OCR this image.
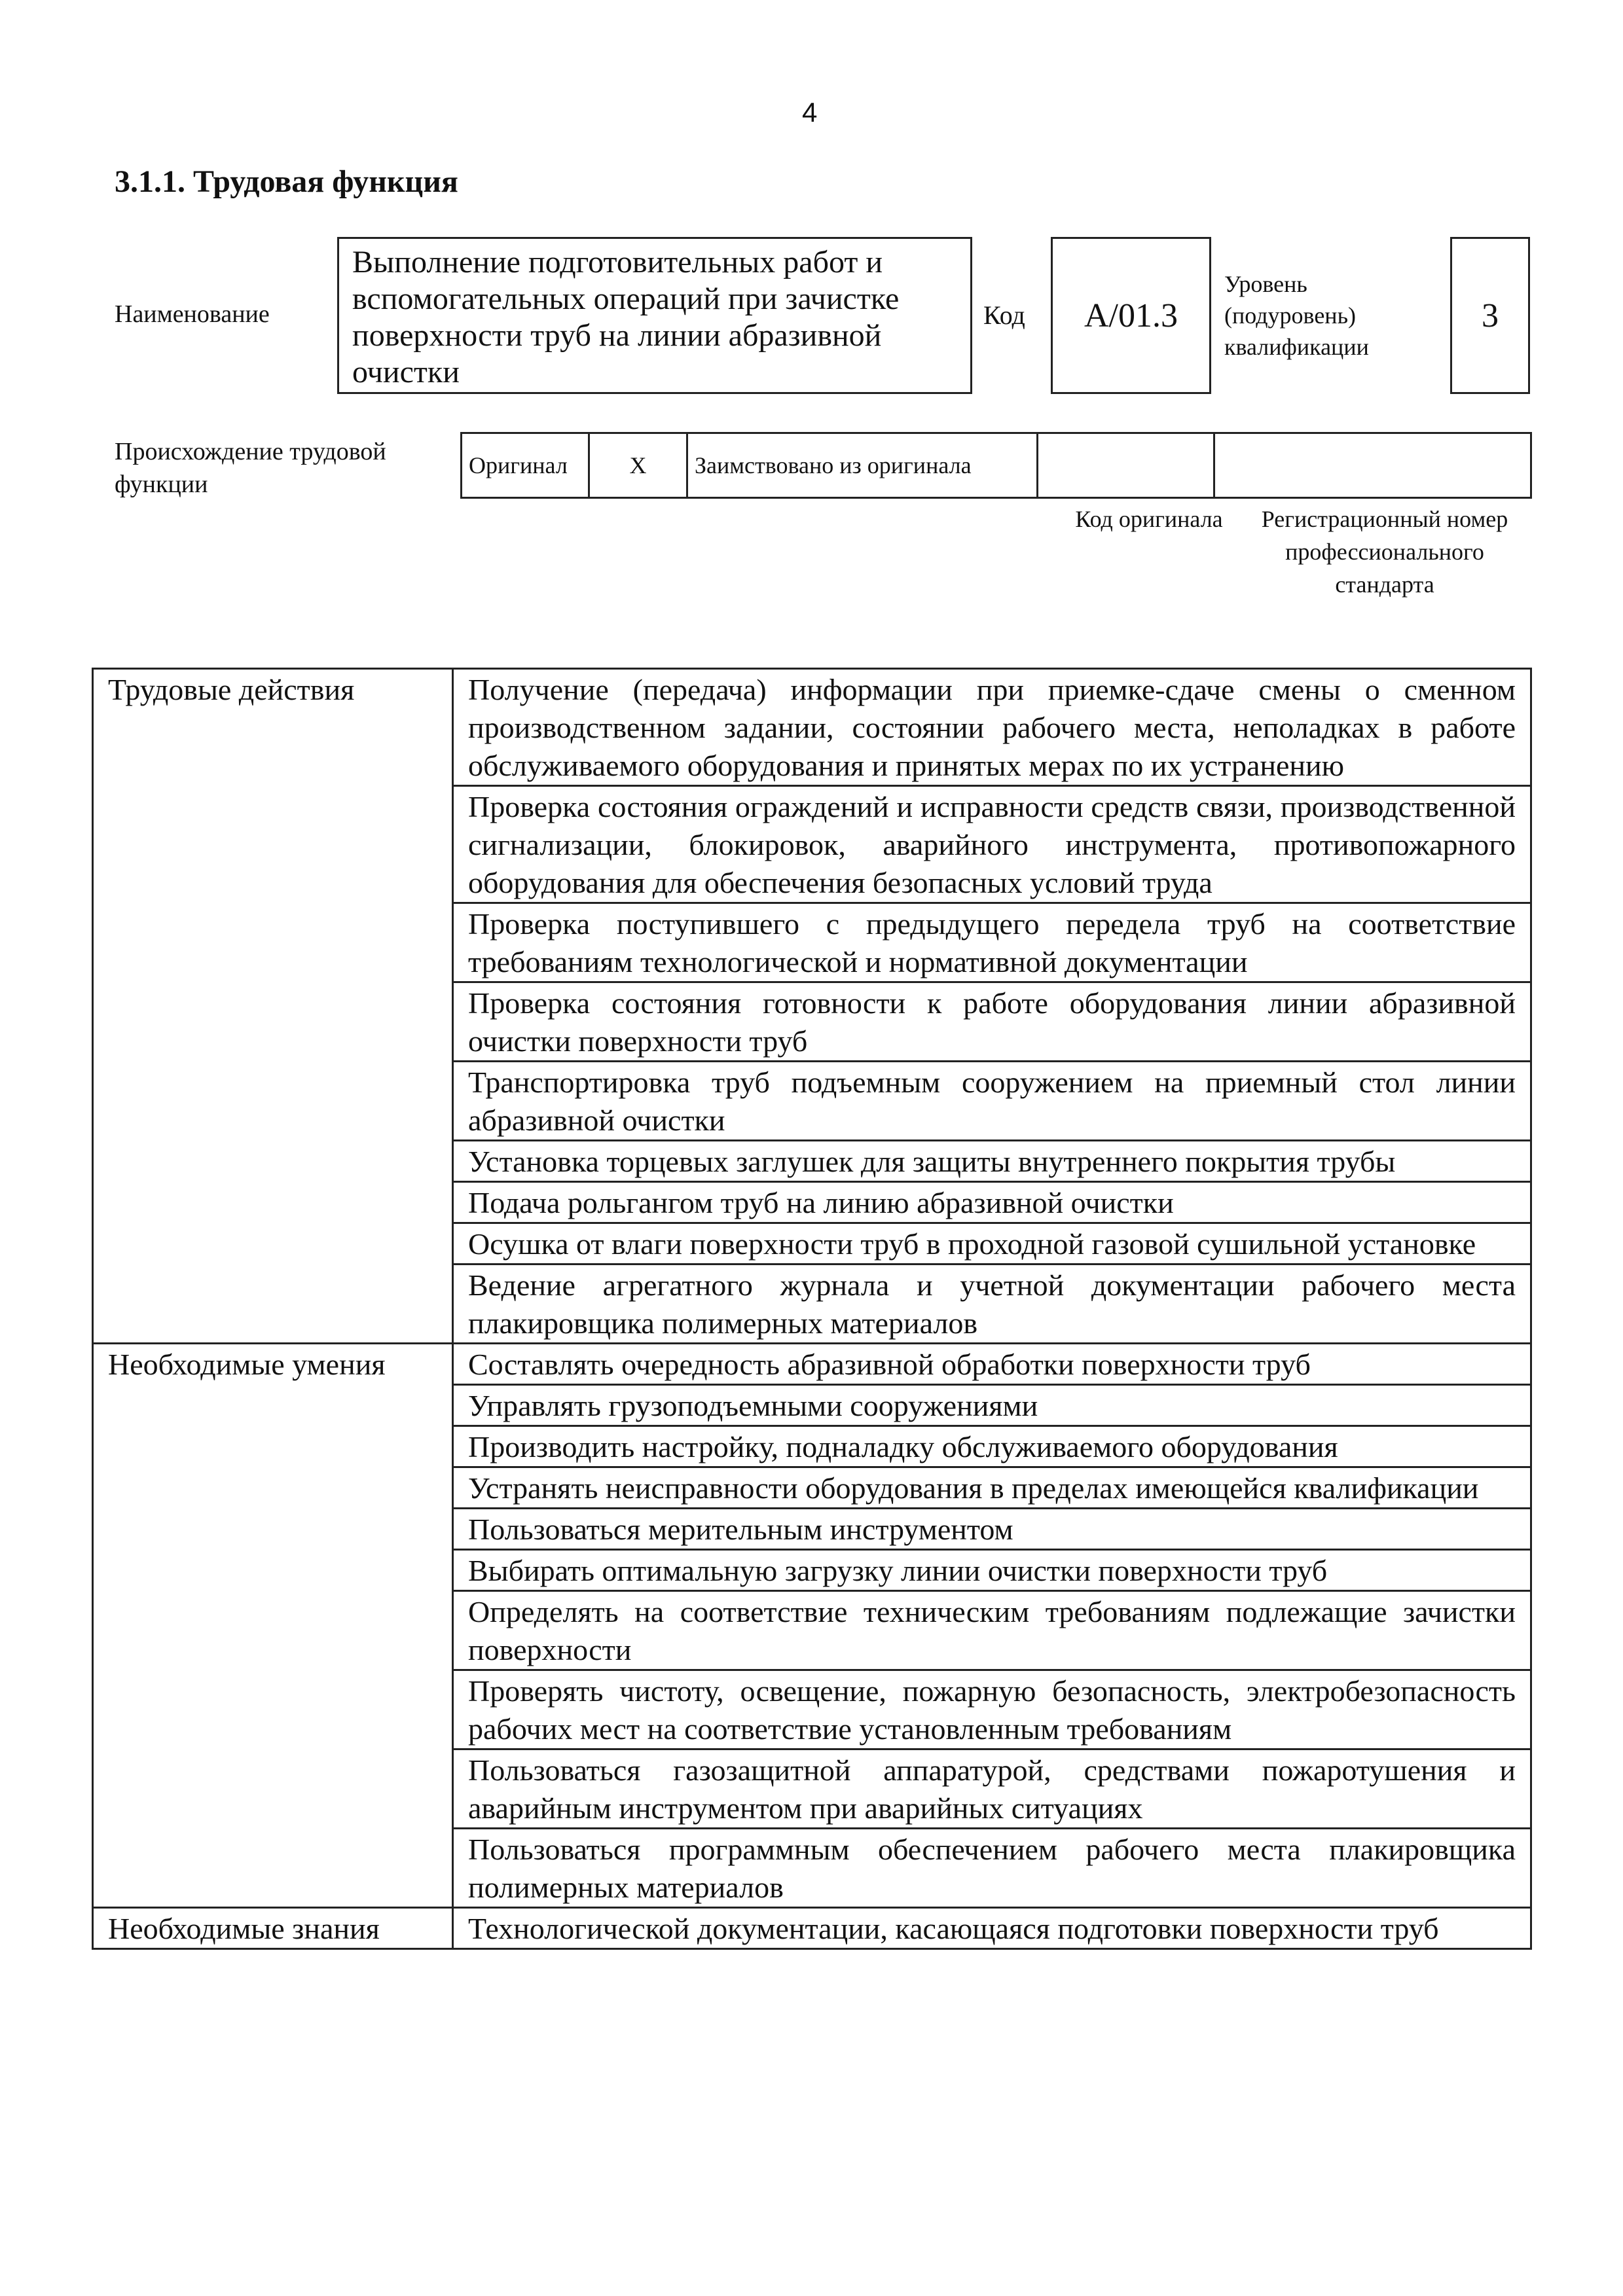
4
3.1.1. Трудовая функция
Наименование
Выполнение подготовительных работ и вспомогательных операций при зачистке поверхности труб на линии абразивной очистки
Код	A/01.3
Уровень (подуровень) квалификации
3
Происхождение трудовой функции
Оригинал	X	Заимствовано из оригинала		
Код оригинала	Регистрационный номер профессионального стандарта
Трудовые действия	Получение (передача) информации при приемке-сдаче смены о сменном производственном задании, состоянии рабочего места, неполадках в работе обслуживаемого оборудования и принятых мерах по их устранению
	Проверка состояния ограждений и исправности средств связи, производственной сигнализации, блокировок, аварийного инструмента, противопожарного оборудования для обеспечения безопасных условий труда
	Проверка поступившего с предыдущего передела труб на соответствие требованиям технологической и нормативной документации
	Проверка состояния готовности к работе оборудования линии абразивной очистки поверхности труб
	Транспортировка труб подъемным сооружением на приемный стол линии абразивной очистки
	Установка торцевых заглушек для защиты внутреннего покрытия трубы
	Подача рольгангом труб на линию абразивной очистки
	Осушка от влаги поверхности труб в проходной газовой сушильной установке
	Ведение агрегатного журнала и учетной документации рабочего места плакировщика полимерных материалов
Необходимые умения	Составлять очередность абразивной обработки поверхности труб
	Управлять грузоподъемными сооружениями
	Производить настройку, подналадку обслуживаемого оборудования
	Устранять неисправности оборудования в пределах имеющейся квалификации
	Пользоваться мерительным инструментом
	Выбирать оптимальную загрузку линии очистки поверхности труб
	Определять на соответствие техническим требованиям подлежащие зачистки поверхности
	Проверять чистоту, освещение, пожарную безопасность, электробезопасность рабочих мест на соответствие установленным требованиям
	Пользоваться газозащитной аппаратурой, средствами пожаротушения и аварийным инструментом при аварийных ситуациях
	Пользоваться программным обеспечением рабочего места плакировщика полимерных материалов
Необходимые знания	Технологической документации, касающаяся подготовки поверхности труб
